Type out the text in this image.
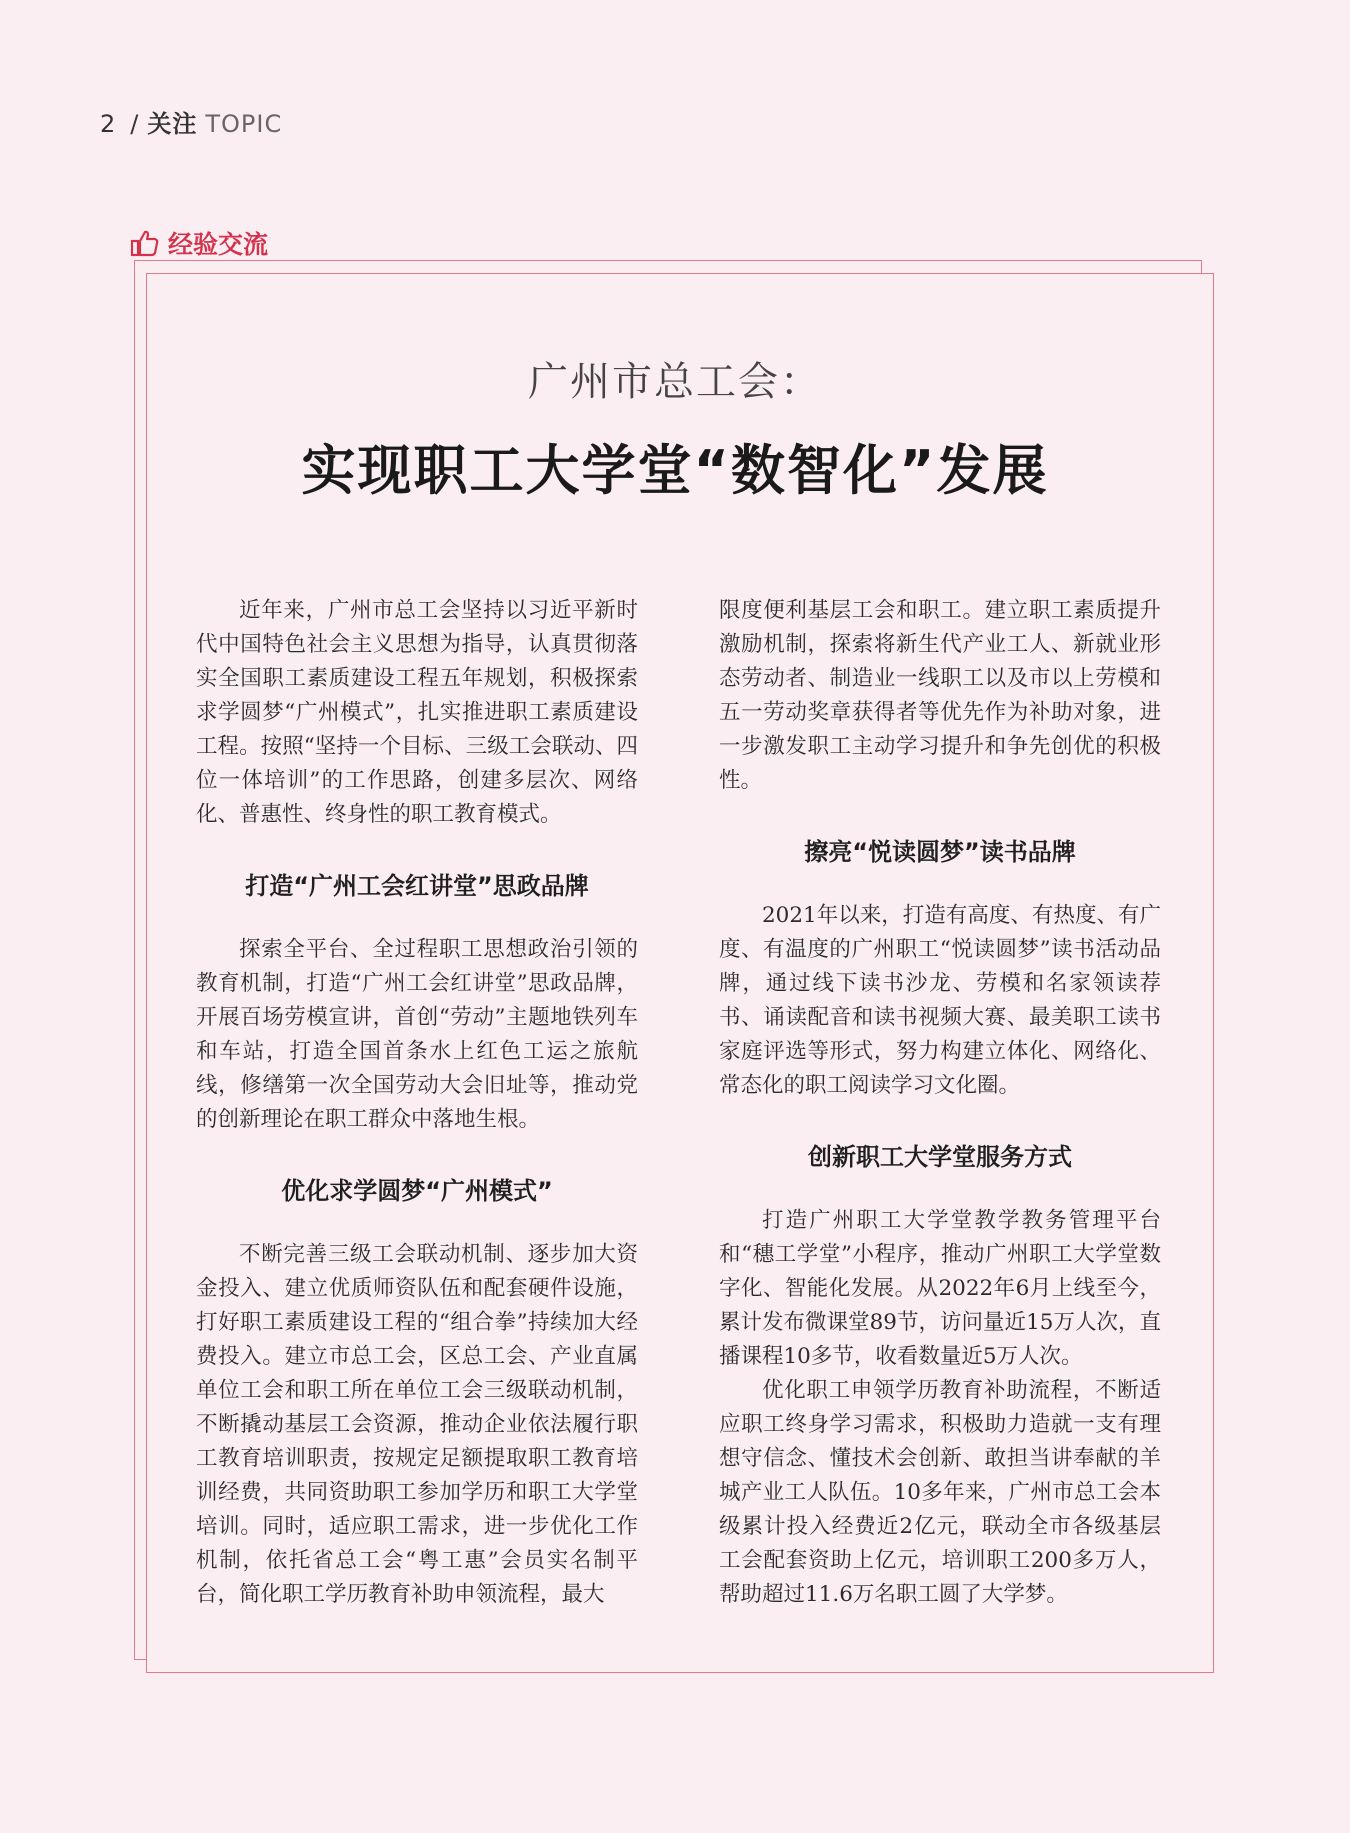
2 / 关注 TOPIC
经验交流
广州市总工会：
实现职工大学堂“数智化”发展

近年来，广州市总工会坚持以习近平新时代中国特色社会主义思想为指导，认真贯彻落实全国职工素质建设工程五年规划，积极探索求学圆梦“广州模式”，扎实推进职工素质建设工程。按照“坚持一个目标、三级工会联动、四位一体培训”的工作思路，创建多层次、网络化、普惠性、终身性的职工教育模式。

打造“广州工会红讲堂”思政品牌

探索全平台、全过程职工思想政治引领的教育机制，打造“广州工会红讲堂”思政品牌，开展百场劳模宣讲，首创“劳动”主题地铁列车和车站，打造全国首条水上红色工运之旅航线，修缮第一次全国劳动大会旧址等，推动党的创新理论在职工群众中落地生根。

优化求学圆梦“广州模式”

不断完善三级工会联动机制、逐步加大资金投入、建立优质师资队伍和配套硬件设施，打好职工素质建设工程的“组合拳”持续加大经费投入。建立市总工会，区总工会、产业直属单位工会和职工所在单位工会三级联动机制，不断撬动基层工会资源，推动企业依法履行职工教育培训职责，按规定足额提取职工教育培训经费，共同资助职工参加学历和职工大学堂培训。同时，适应职工需求，进一步优化工作机制，依托省总工会“粤工惠”会员实名制平台，简化职工学历教育补助申领流程，最大

限度便利基层工会和职工。建立职工素质提升激励机制，探索将新生代产业工人、新就业形态劳动者、制造业一线职工以及市以上劳模和五一劳动奖章获得者等优先作为补助对象，进一步激发职工主动学习提升和争先创优的积极性。

擦亮“悦读圆梦”读书品牌

2021年以来，打造有高度、有热度、有广度、有温度的广州职工“悦读圆梦”读书活动品牌，通过线下读书沙龙、劳模和名家领读荐书、诵读配音和读书视频大赛、最美职工读书家庭评选等形式，努力构建立体化、网络化、常态化的职工阅读学习文化圈。

创新职工大学堂服务方式

打造广州职工大学堂教学教务管理平台和“穗工学堂”小程序，推动广州职工大学堂数字化、智能化发展。从2022年6月上线至今，累计发布微课堂89节，访问量近15万人次，直播课程10多节，收看数量近5万人次。

优化职工申领学历教育补助流程，不断适应职工终身学习需求，积极助力造就一支有理想守信念、懂技术会创新、敢担当讲奉献的羊城产业工人队伍。10多年来，广州市总工会本级累计投入经费近2亿元，联动全市各级基层工会配套资助上亿元，培训职工200多万人，帮助超过11.6万名职工圆了大学梦。
